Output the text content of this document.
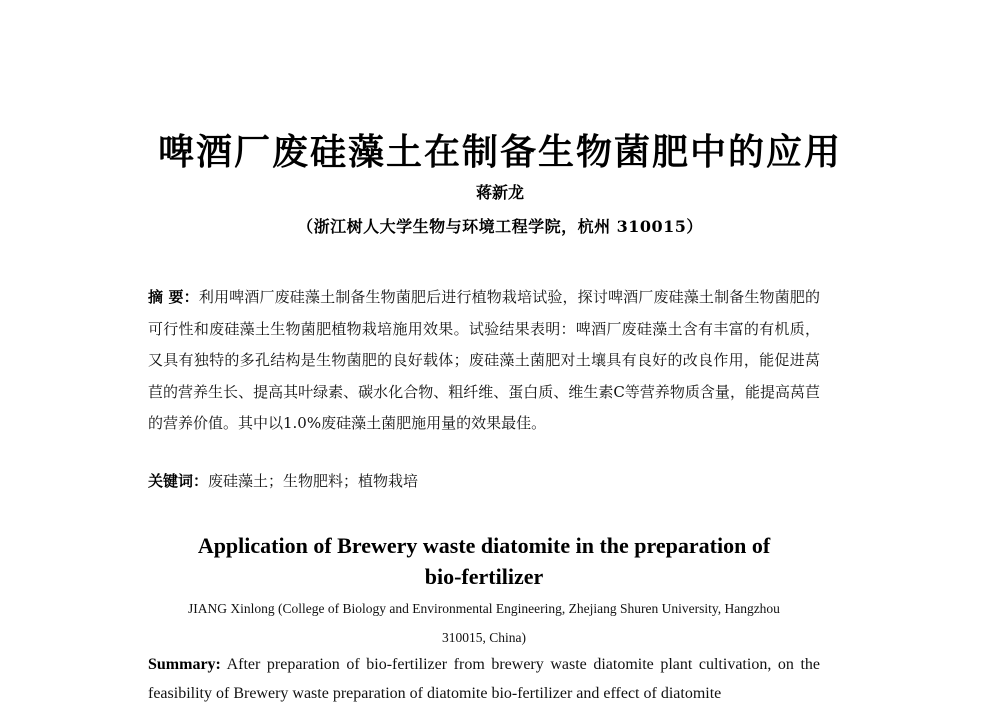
啤酒厂废硅藻土在制备生物菌肥中的应用
蒋新龙
（浙江树人大学生物与环境工程学院，杭州 310015）
摘 要：利用啤酒厂废硅藻土制备生物菌肥后进行植物栽培试验，探讨啤酒厂废硅藻土制备生物菌肥的可行性和废硅藻土生物菌肥植物栽培施用效果。试验结果表明：啤酒厂废硅藻土含有丰富的有机质，又具有独特的多孔结构是生物菌肥的良好载体；废硅藻土菌肥对土壤具有良好的改良作用，能促进莴苣的营养生长、提高其叶绿素、碳水化合物、粗纤维、蛋白质、维生素C等营养物质含量，能提高莴苣的营养价值。其中以1.0%废硅藻土菌肥施用量的效果最佳。
关键词：废硅藻土；生物肥料；植物栽培
Application of Brewery waste diatomite in the preparation of
bio-fertilizer
JIANG Xinlong (College of Biology and Environmental Engineering, Zhejiang Shuren University, Hangzhou
310015, China)
Summary: After preparation of bio-fertilizer from brewery waste diatomite plant cultivation, on the feasibility of Brewery waste preparation of diatomite bio-fertilizer and effect of diatomite
